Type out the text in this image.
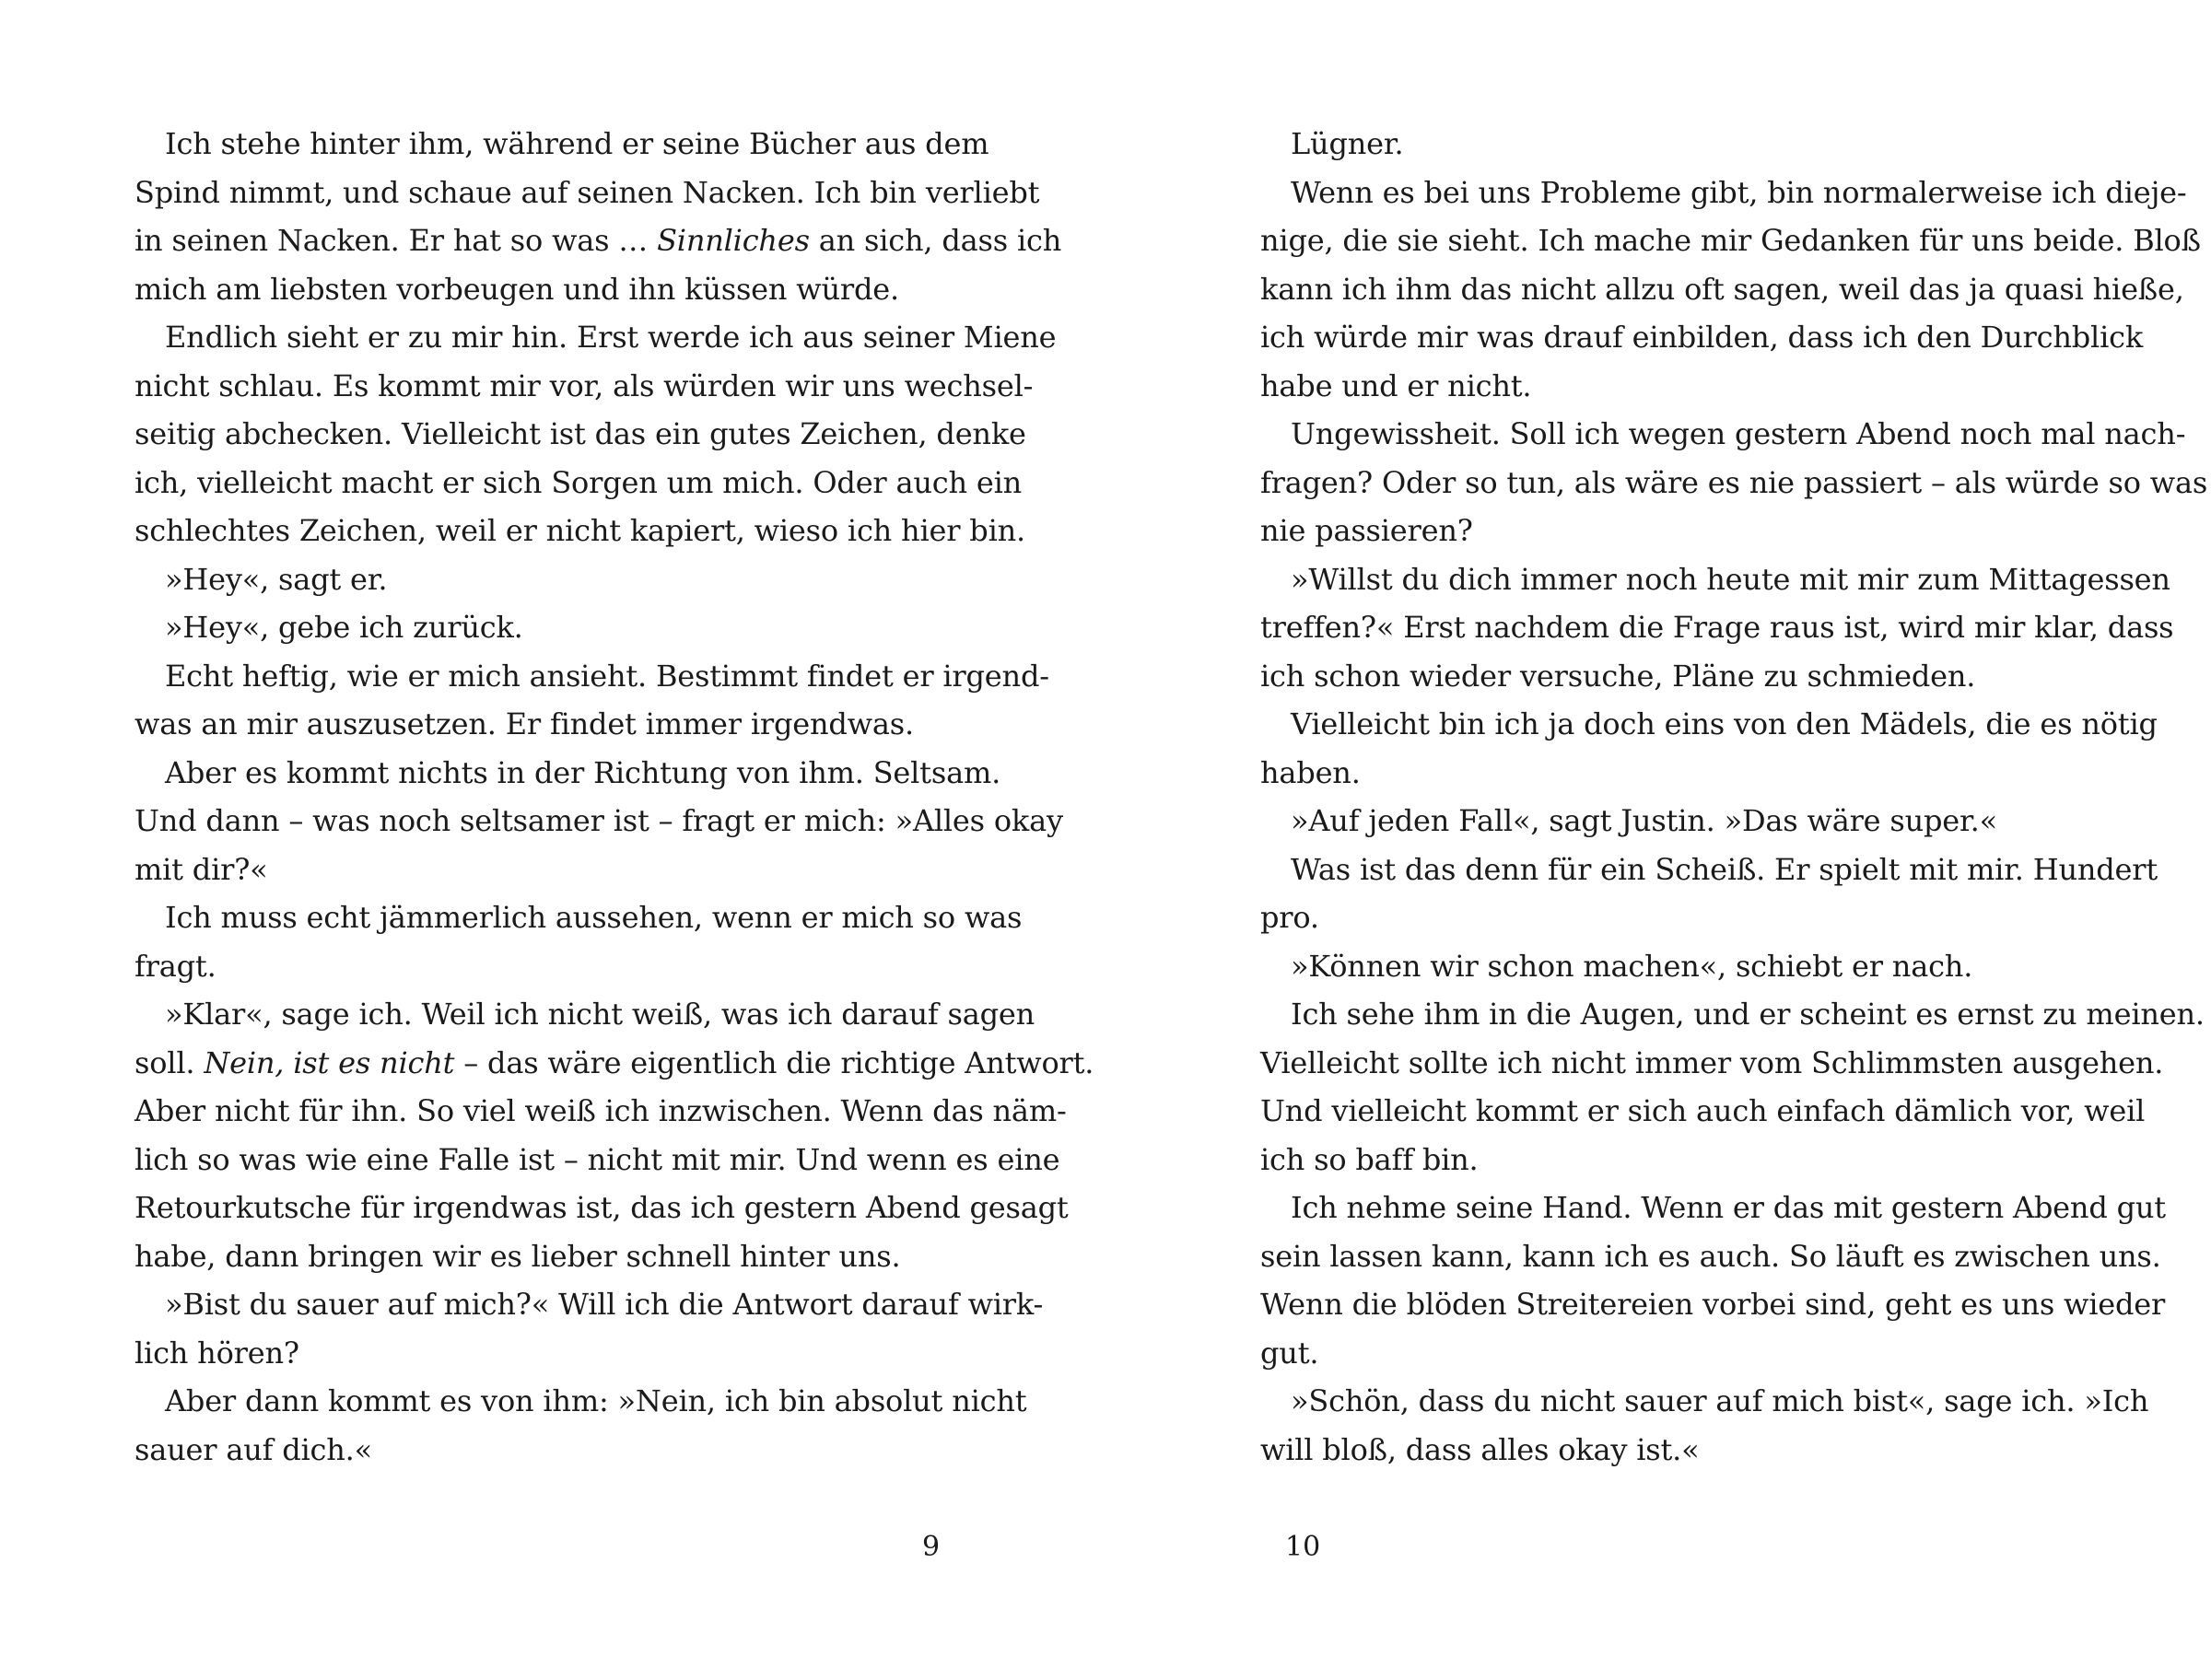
Ich stehe hinter ihm, während er seine Bücher aus dem
Spind nimmt, und schaue auf seinen Nacken. Ich bin verliebt
in seinen Nacken. Er hat so was … Sinnliches an sich, dass ich
mich am liebsten vorbeugen und ihn küssen würde.
Endlich sieht er zu mir hin. Erst werde ich aus seiner Miene
nicht schlau. Es kommt mir vor, als würden wir uns wechsel-
seitig abchecken. Vielleicht ist das ein gutes Zeichen, denke
ich, vielleicht macht er sich Sorgen um mich. Oder auch ein
schlechtes Zeichen, weil er nicht kapiert, wieso ich hier bin.
»Hey«, sagt er.
»Hey«, gebe ich zurück.
Echt heftig, wie er mich ansieht. Bestimmt findet er irgend-
was an mir auszusetzen. Er findet immer irgendwas.
Aber es kommt nichts in der Richtung von ihm. Seltsam.
Und dann – was noch seltsamer ist – fragt er mich: »Alles okay
mit dir?«
Ich muss echt jämmerlich aussehen, wenn er mich so was
fragt.
»Klar«, sage ich. Weil ich nicht weiß, was ich darauf sagen
soll. Nein, ist es nicht – das wäre eigentlich die richtige Antwort.
Aber nicht für ihn. So viel weiß ich inzwischen. Wenn das näm-
lich so was wie eine Falle ist – nicht mit mir. Und wenn es eine
Retourkutsche für irgendwas ist, das ich gestern Abend gesagt
habe, dann bringen wir es lieber schnell hinter uns.
»Bist du sauer auf mich?« Will ich die Antwort darauf wirk-
lich hören?
Aber dann kommt es von ihm: »Nein, ich bin absolut nicht
sauer auf dich.«
Lügner.
Wenn es bei uns Probleme gibt, bin normalerweise ich dieje-
nige, die sie sieht. Ich mache mir Gedanken für uns beide. Bloß
kann ich ihm das nicht allzu oft sagen, weil das ja quasi hieße,
ich würde mir was drauf einbilden, dass ich den Durchblick
habe und er nicht.
Ungewissheit. Soll ich wegen gestern Abend noch mal nach-
fragen? Oder so tun, als wäre es nie passiert – als würde so was
nie passieren?
»Willst du dich immer noch heute mit mir zum Mittagessen
treffen?« Erst nachdem die Frage raus ist, wird mir klar, dass
ich schon wieder versuche, Pläne zu schmieden.
Vielleicht bin ich ja doch eins von den Mädels, die es nötig
haben.
»Auf jeden Fall«, sagt Justin. »Das wäre super.«
Was ist das denn für ein Scheiß. Er spielt mit mir. Hundert
pro.
»Können wir schon machen«, schiebt er nach.
Ich sehe ihm in die Augen, und er scheint es ernst zu meinen.
Vielleicht sollte ich nicht immer vom Schlimmsten ausgehen.
Und vielleicht kommt er sich auch einfach dämlich vor, weil
ich so baff bin.
Ich nehme seine Hand. Wenn er das mit gestern Abend gut
sein lassen kann, kann ich es auch. So läuft es zwischen uns.
Wenn die blöden Streitereien vorbei sind, geht es uns wieder
gut.
»Schön, dass du nicht sauer auf mich bist«, sage ich. »Ich
will bloß, dass alles okay ist.«
9	10
